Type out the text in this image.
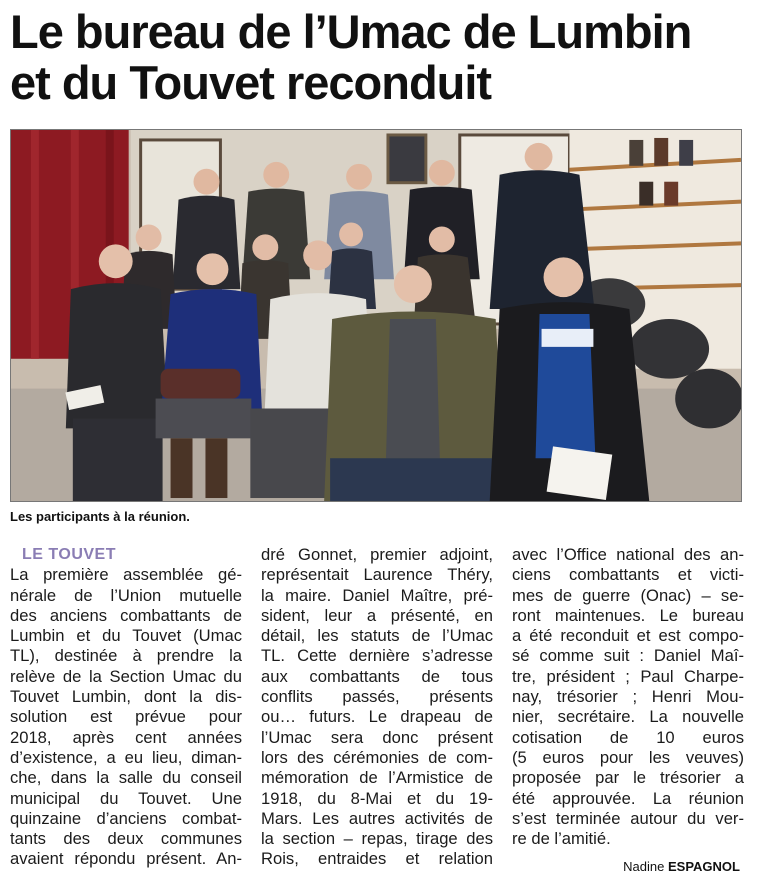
Le bureau de l’Umac de Lumbin
et du Touvet reconduit
Les participants à la réunion.
LE TOUVET
La première assemblée gé-
nérale de l’Union mutuelle
des anciens combattants de
Lumbin et du Touvet (Umac
TL), destinée à prendre la
relève de la Section Umac du
Touvet Lumbin, dont la dis-
solution est prévue pour
2018, après cent années
d’existence, a eu lieu, diman-
che, dans la salle du conseil
municipal du Touvet. Une
quinzaine d’anciens combat-
tants des deux communes
avaient répondu présent. An-
dré Gonnet, premier adjoint,
représentait Laurence Théry,
la maire. Daniel Maître, pré-
sident, leur a présenté, en
détail, les statuts de l’Umac
TL. Cette dernière s’adresse
aux combattants de tous
conflits passés, présents
ou… futurs. Le drapeau de
l’Umac sera donc présent
lors des cérémonies de com-
mémoration de l’Armistice de
1918, du 8-Mai et du 19-
Mars. Les autres activités de
la section – repas, tirage des
Rois, entraides et relation
avec l’Office national des an-
ciens combattants et victi-
mes de guerre (Onac) – se-
ront maintenues. Le bureau
a été reconduit et est compo-
sé comme suit : Daniel Maî-
tre, président ; Paul Charpe-
nay, trésorier ; Henri Mou-
nier, secrétaire. La nouvelle
cotisation de 10 euros
(5 euros pour les veuves)
proposée par le trésorier a
été approuvée. La réunion
s’est terminée autour du ver-
re de l’amitié.
Nadine ESPAGNOL
